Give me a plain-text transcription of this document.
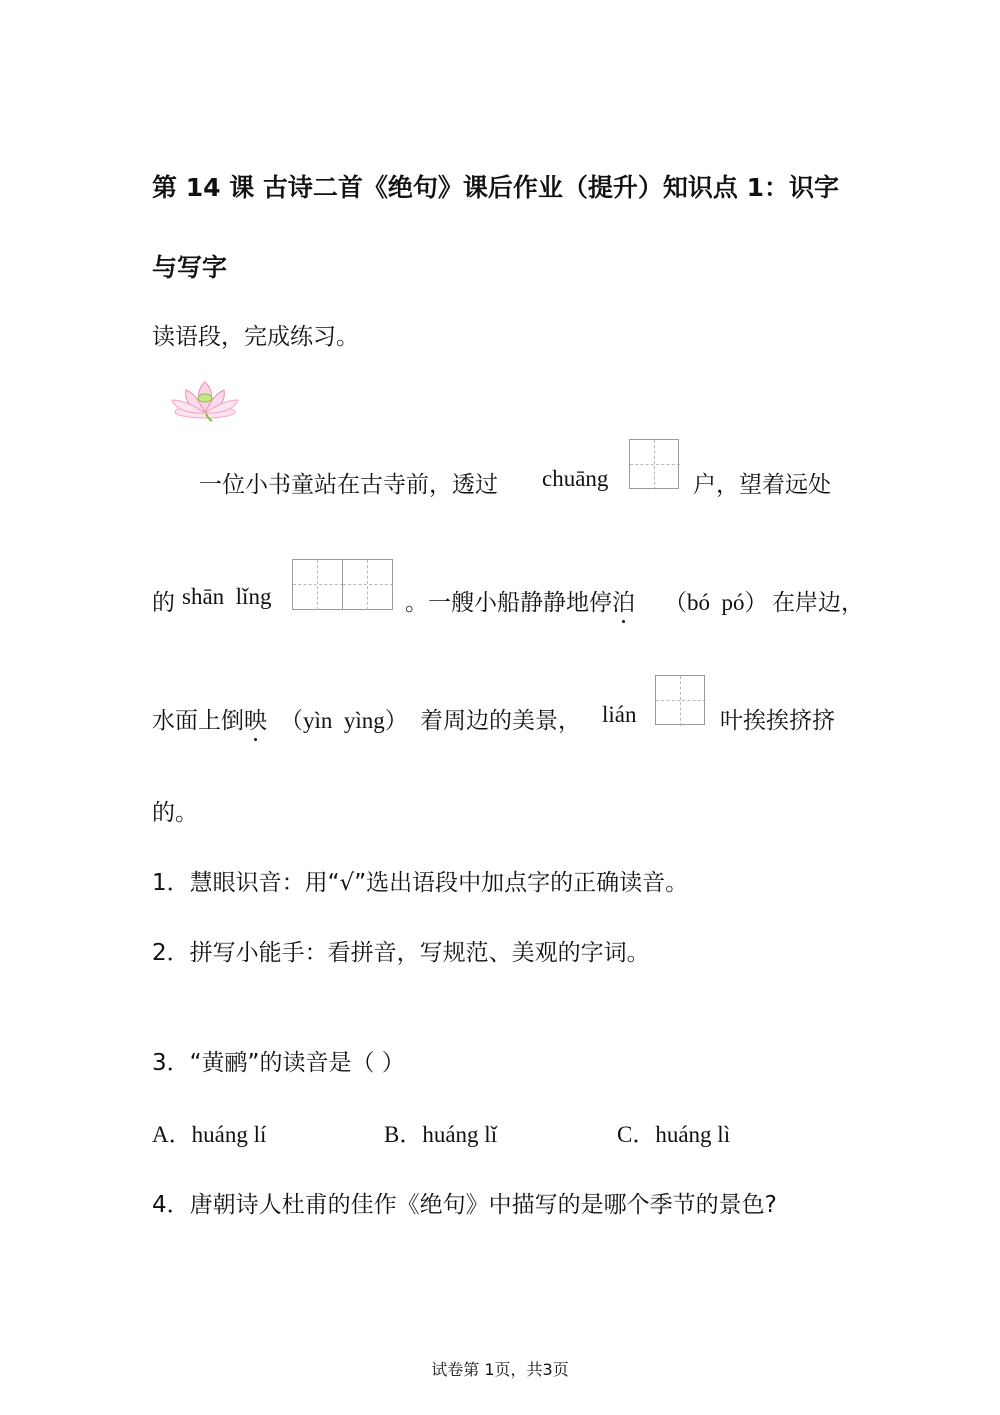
第 14 课 古诗二首《绝句》课后作业（提升）知识点 1：识字
与写字
读语段，完成练习。
一位小书童站在古寺前，透过 chuāng	户，望着远处
的 shān  lǐng	。一艘小船静静地停泊 （bó  pó） 在岸边，
水面上倒映 （yìn  yìng） 着周边的美景， lián	叶挨挨挤挤
的。
1．慧眼识音：用“√”选出语段中加点字的正确读音。
2．拼写小能手：看拼音，写规范、美观的字词。
3．“黄鹂”的读音是（ ）
A．huáng lí	B．huáng lǐ	C．huáng lì
4．唐朝诗人杜甫的佳作《绝句》中描写的是哪个季节的景色?
试卷第 1页，共3页
